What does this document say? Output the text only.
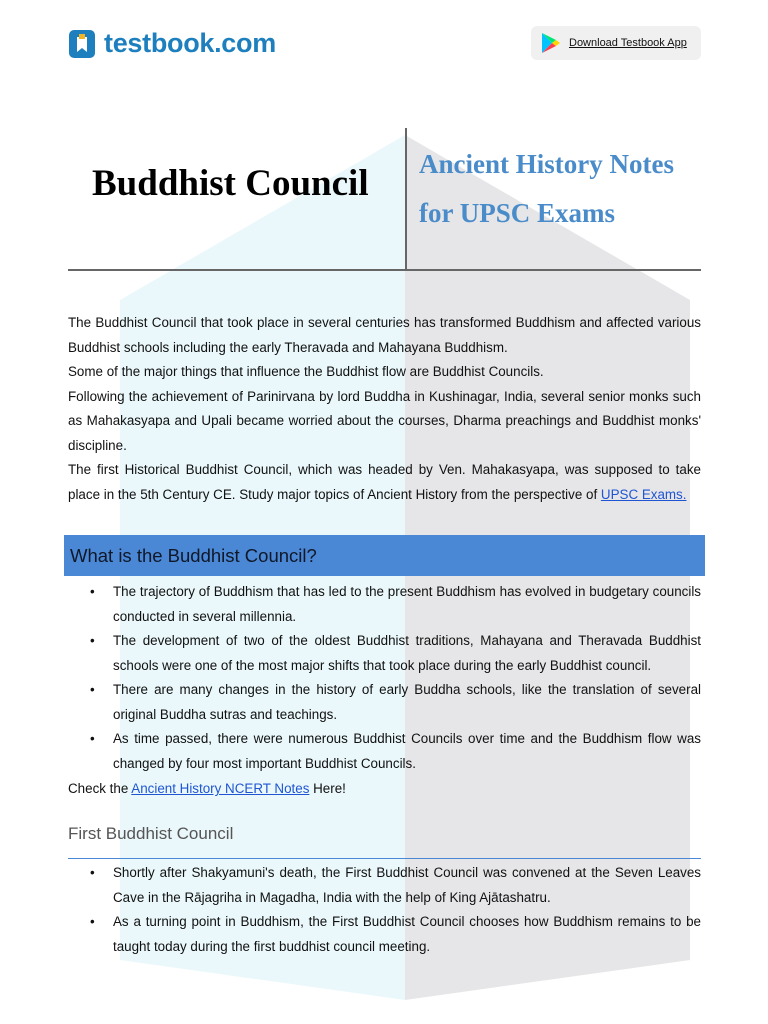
testbook.com	Download Testbook App
Buddhist Council Ancient History Notes
for UPSC Exams

The Buddhist Council that took place in several centuries has transformed Buddhism and affected various Buddhist schools including the early Theravada and Mahayana Buddhism.

Some of the major things that influence the Buddhist flow are Buddhist Councils.

Following the achievement of Parinirvana by lord Buddha in Kushinagar, India, several senior monks such as Mahakasyapa and Upali became worried about the courses, Dharma preachings and Buddhist monks' discipline.

The first Historical Buddhist Council, which was headed by Ven. Mahakasyapa, was supposed to take place in the 5th Century CE. Study major topics of Ancient History from the perspective of UPSC Exams.

What is the Buddhist Council?
• The trajectory of Buddhism that has led to the present Buddhism has evolved in budgetary councils conducted in several millennia.
• The development of two of the oldest Buddhist traditions, Mahayana and Theravada Buddhist schools were one of the most major shifts that took place during the early Buddhist council.
• There are many changes in the history of early Buddha schools, like the translation of several original Buddha sutras and teachings.
• As time passed, there were numerous Buddhist Councils over time and the Buddhism flow was changed by four most important Buddhist Councils.
Check the Ancient History NCERT Notes Here!
First Buddhist Council
• Shortly after Shakyamuni's death, the First Buddhist Council was convened at the Seven Leaves Cave in the Rājagriha in Magadha, India with the help of King Ajātashatru.
• As a turning point in Buddhism, the First Buddhist Council chooses how Buddhism remains to be taught today during the first buddhist council meeting.
